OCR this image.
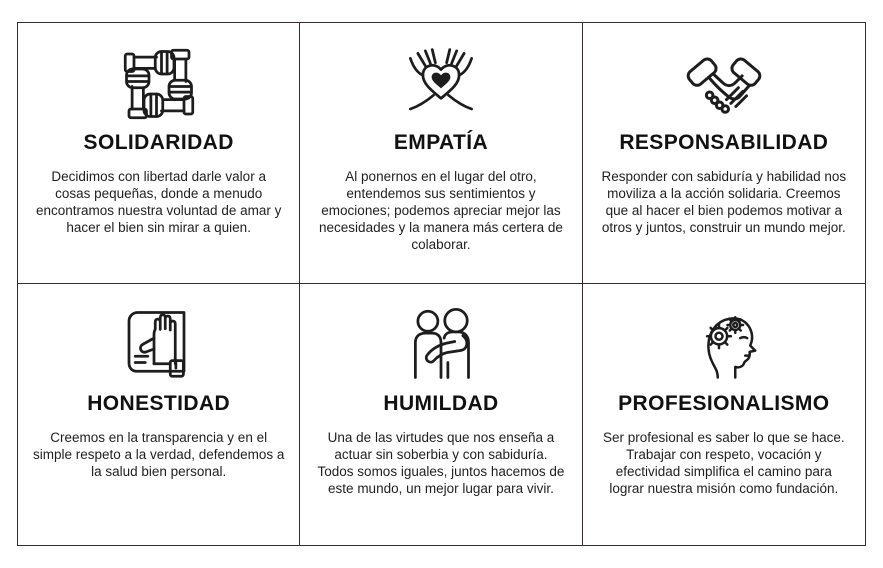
SOLIDARIDAD

Decidimos con libertad darle valor a cosas pequeñas, donde a menudo encontramos nuestra voluntad de amar y hacer el bien sin mirar a quien.

EMPATÍA

Al ponernos en el lugar del otro, entendemos sus sentimientos y emociones; podemos apreciar mejor las necesidades y la manera más certera de colaborar.

RESPONSABILIDAD

Responder con sabiduría y habilidad nos moviliza a la acción solidaria. Creemos que al hacer el bien podemos motivar a otros y juntos, construir un mundo mejor.

HONESTIDAD

Creemos en la transparencia y en el simple respeto a la verdad, defendemos a la salud bien personal.

HUMILDAD

Una de las virtudes que nos enseña a actuar sin soberbia y con sabiduría. Todos somos iguales, juntos hacemos de este mundo, un mejor lugar para vivir.

PROFESIONALISMO

Ser profesional es saber lo que se hace. Trabajar con respeto, vocación y efectividad simplifica el camino para lograr nuestra misión como fundación.
